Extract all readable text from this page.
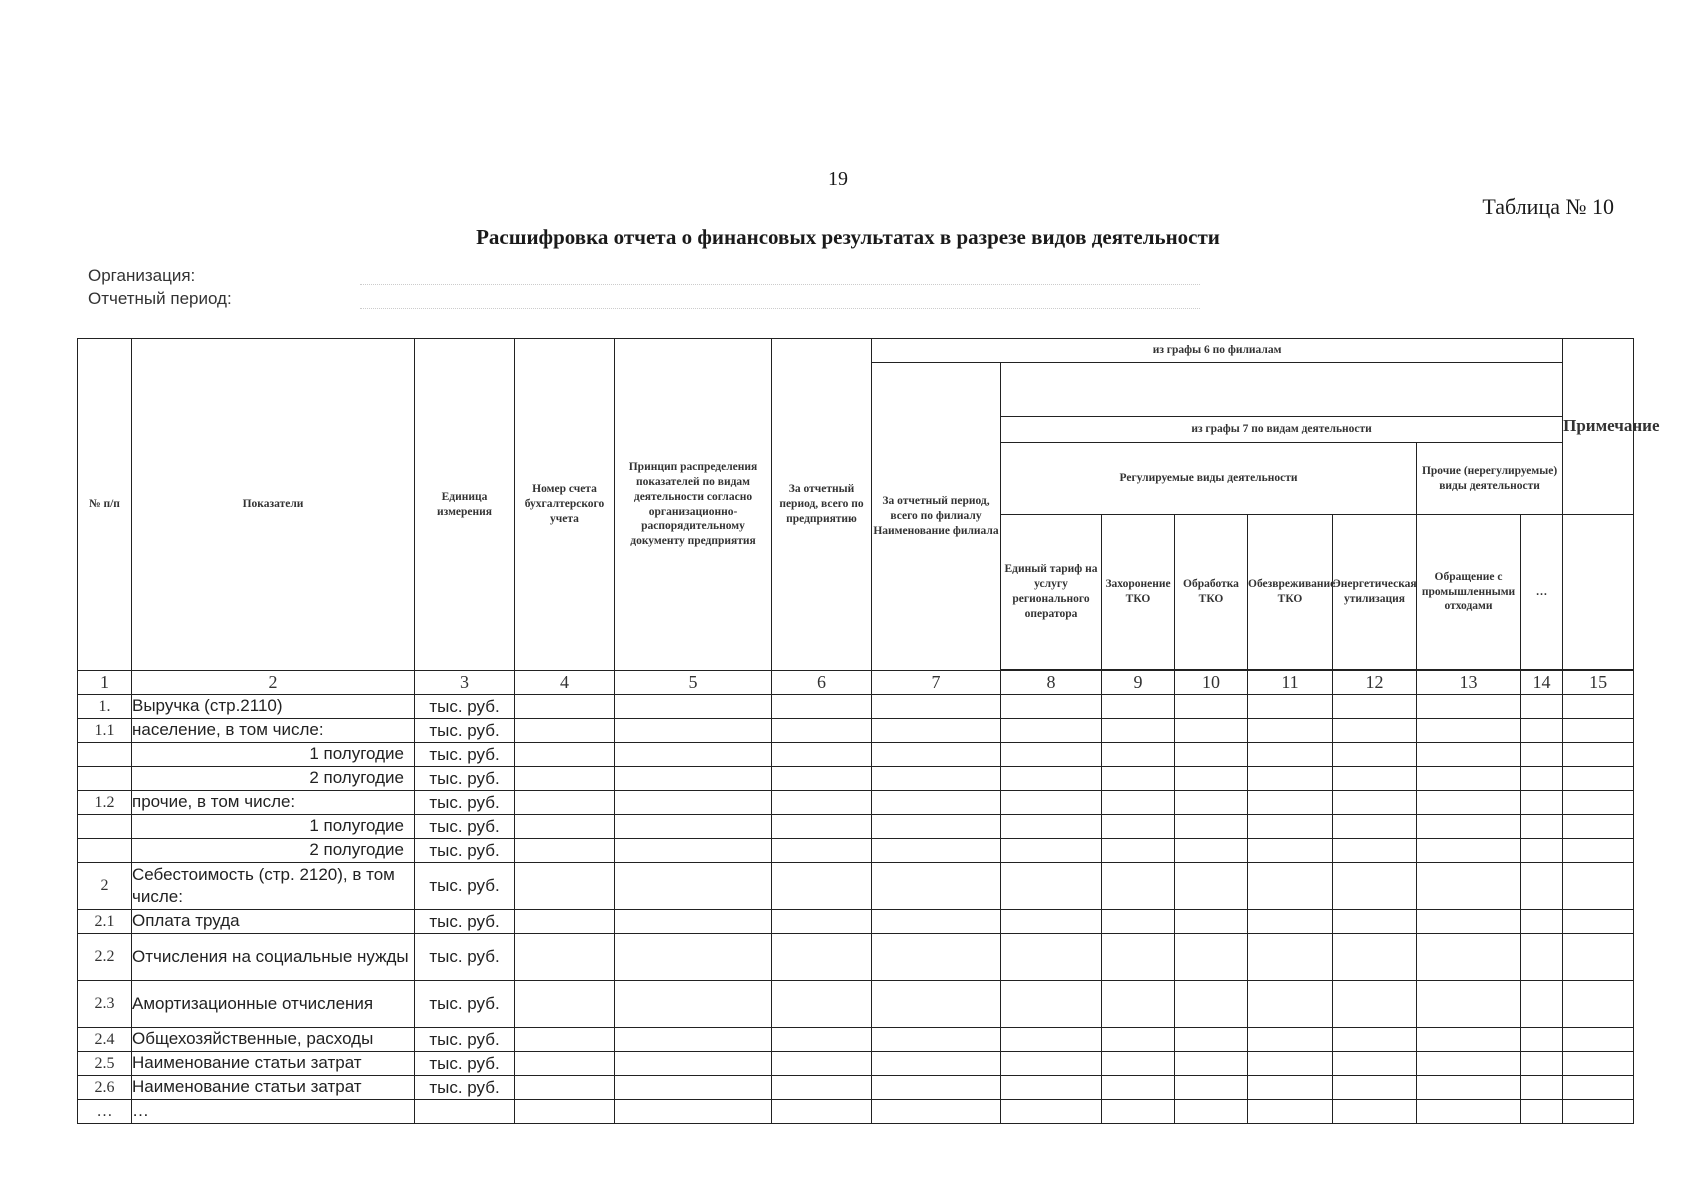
19
Таблица № 10
Расшифровка отчета о финансовых результатах в разрезе видов деятельности
Организация:
Отчетный период:
№ п/п	Показатели	Единица измерения	Номер счета бухгалтерского учета	Принцип распределения показателей по видам деятельности согласно организационно-распорядительному документу предприятия	За отчетный период, всего по предприятию	из графы 6 по филиалам								Примечание
						За отчетный период, всего по филиалу Наименование филиала								
							из графы 7 по видам деятельности							
							Регулируемые виды деятельности					Прочие (нерегулируемые) виды деятельности		
							Единый тариф на услугу регионального оператора	Захоронение ТКО	Обработка ТКО	Обезвреживание ТКО	Энергетическая утилизация	Обращение с промышленными отходами	…	

1	2	3	4	5	6	7	8	9	10	11	12	13	14	15
1.	Выручка (стр.2110)	тыс. руб.												
1.1	население, в том числе:	тыс. руб.												
	1 полугодие	тыс. руб.												
	2 полугодие	тыс. руб.												
1.2	прочие, в том числе:	тыс. руб.												
	1 полугодие	тыс. руб.												
	2 полугодие	тыс. руб.												
2	Себестоимость (стр. 2120), в том числе:	тыс. руб.												
2.1	Оплата труда	тыс. руб.												
2.2	Отчисления на социальные нужды	тыс. руб.												
2.3	Амортизационные отчисления	тыс. руб.												
2.4	Общехозяйственные, расходы	тыс. руб.												
2.5	Наименование статьи затрат	тыс. руб.												
2.6	Наименование статьи затрат	тыс. руб.												
…	…													
